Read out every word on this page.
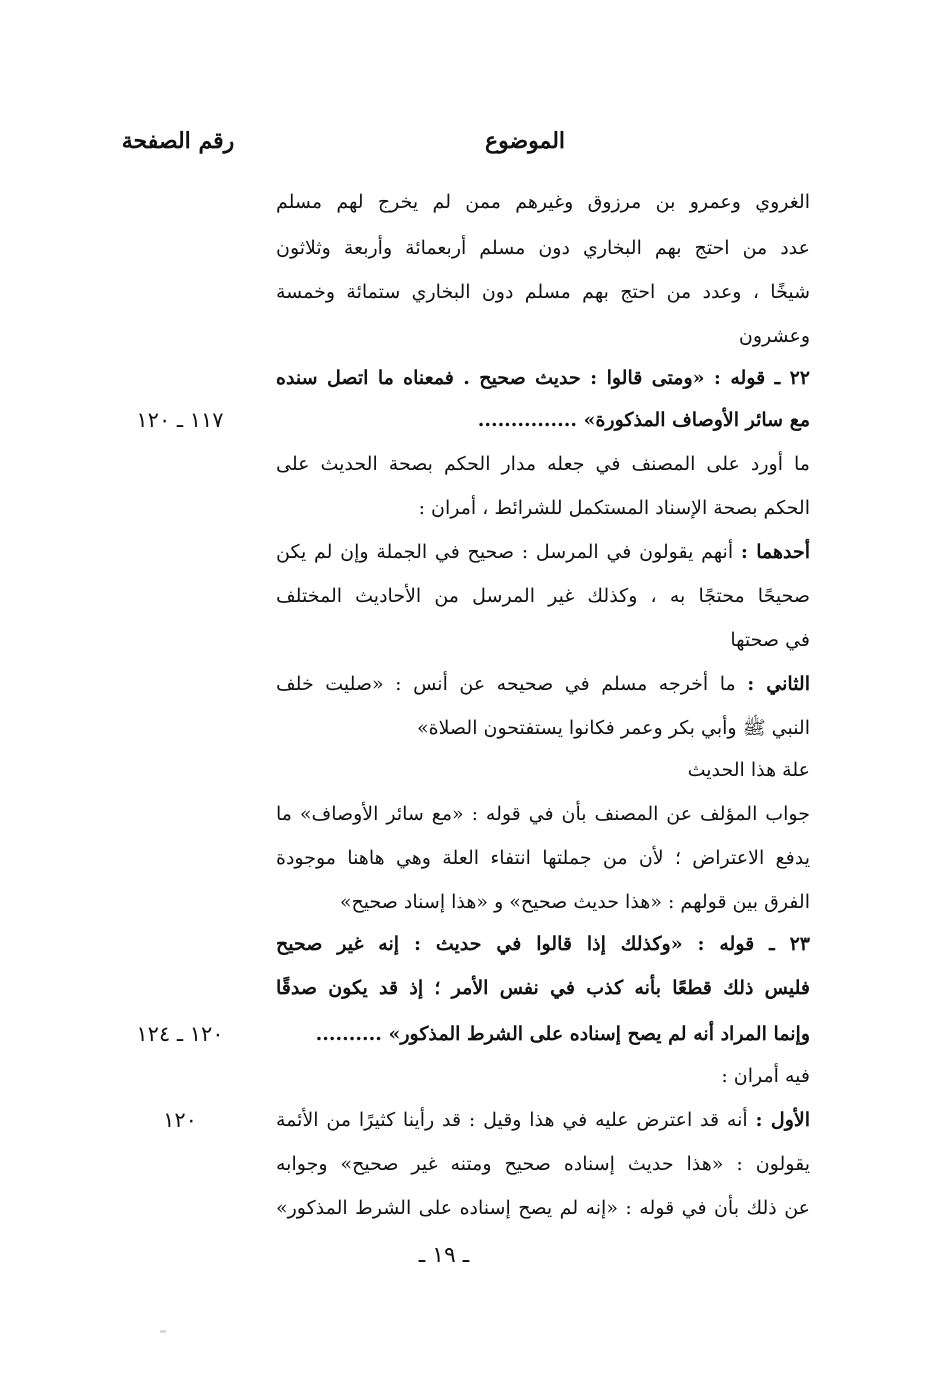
الموضوع
رقم الصفحة
الغروي وعمرو بن مرزوق وغيرهم ممن لم يخرج لهم مسلم
عدد من احتج بهم البخاري دون مسلم أربعمائة وأربعة وثلاثون
شيخًا ، وعدد من احتج بهم مسلم دون البخاري ستمائة وخمسة
وعشرون
٢٢ ـ قوله : «ومتى قالوا : حديث صحيح . فمعناه ما اتصل سنده
مع سائر الأوصاف المذكورة» ...............
١١٧ ـ ١٢٠
ما أورد على المصنف في جعله مدار الحكم بصحة الحديث على
الحكم بصحة الإسناد المستكمل للشرائط ، أمران :
أحدهما : أنهم يقولون في المرسل : صحيح في الجملة وإن لم يكن
صحيحًا محتجًا به ، وكذلك غير المرسل من الأحاديث المختلف
في صحتها
الثاني : ما أخرجه مسلم في صحيحه عن أنس : «صليت خلف
النبي ﷺ وأبي بكر وعمر فكانوا يستفتحون الصلاة»
علة هذا الحديث
جواب المؤلف عن المصنف بأن في قوله : «مع سائر الأوصاف» ما
يدفع الاعتراض ؛ لأن من جملتها انتفاء العلة وهي هاهنا موجودة
الفرق بين قولهم : «هذا حديث صحيح» و «هذا إسناد صحيح»
٢٣ ـ قوله : «وكذلك إذا قالوا في حديث : إنه غير صحيح
فليس ذلك قطعًا بأنه كذب في نفس الأمر ؛ إذ قد يكون صدقًا
وإنما المراد أنه لم يصح إسناده على الشرط المذكور» ..........
١٢٠ ـ ١٢٤
فيه أمران :
الأول : أنه قد اعترض عليه في هذا وقيل : قد رأينا كثيرًا من الأئمة
١٢٠
يقولون : «هذا حديث إسناده صحيح ومتنه غير صحيح» وجوابه
عن ذلك بأن في قوله : «إنه لم يصح إسناده على الشرط المذكور»
ـ ١٩ ـ
